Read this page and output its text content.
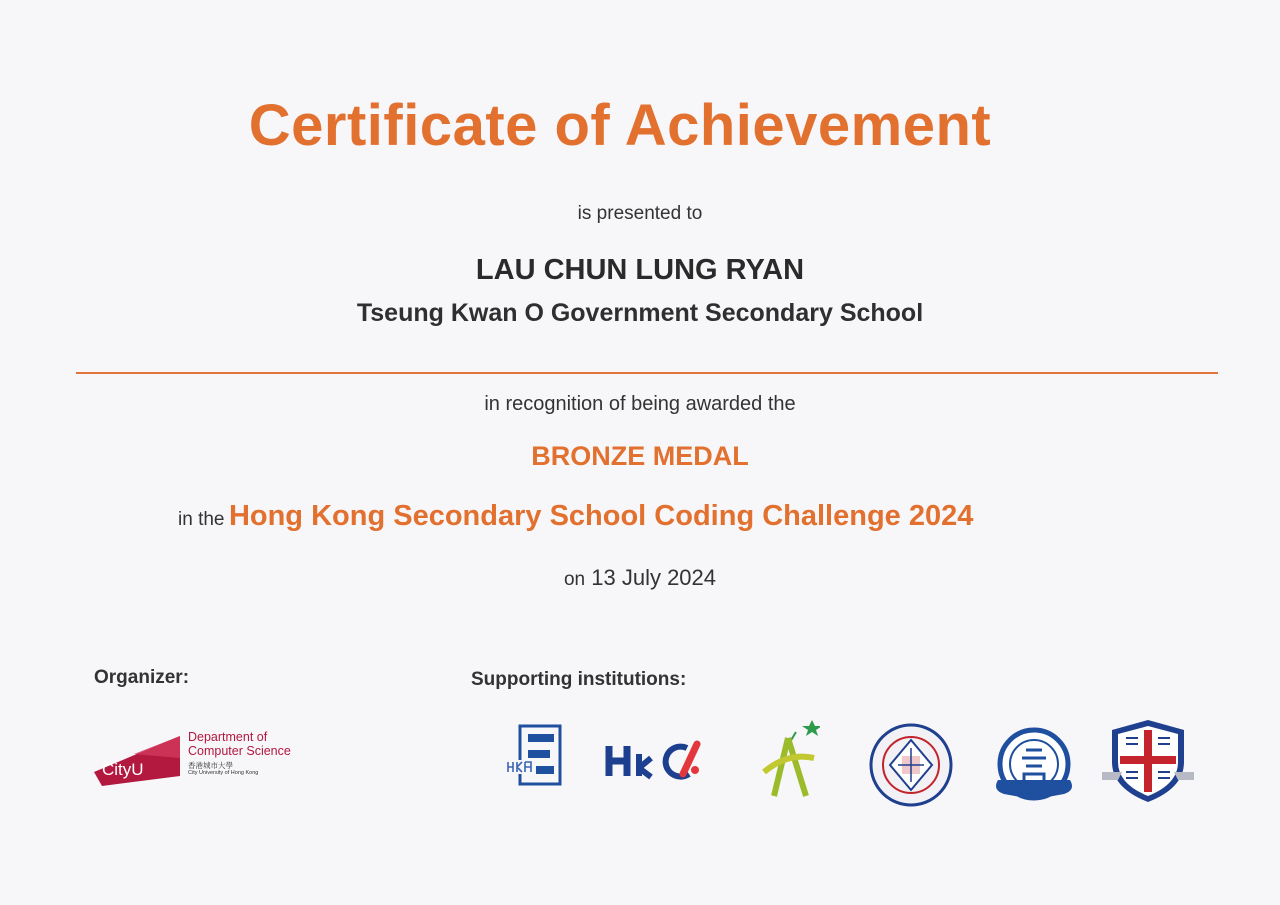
Certificate of Achievement
is presented to
LAU CHUN LUNG RYAN
Tseung Kwan O Government Secondary School
in recognition of being awarded the
BRONZE MEDAL
in the Hong Kong Secondary School Coding Challenge 2024
on 13 July 2024
Organizer:	Supporting institutions:
CityU
Department of
Computer Science
香港城市大學
City University of Hong Kong
